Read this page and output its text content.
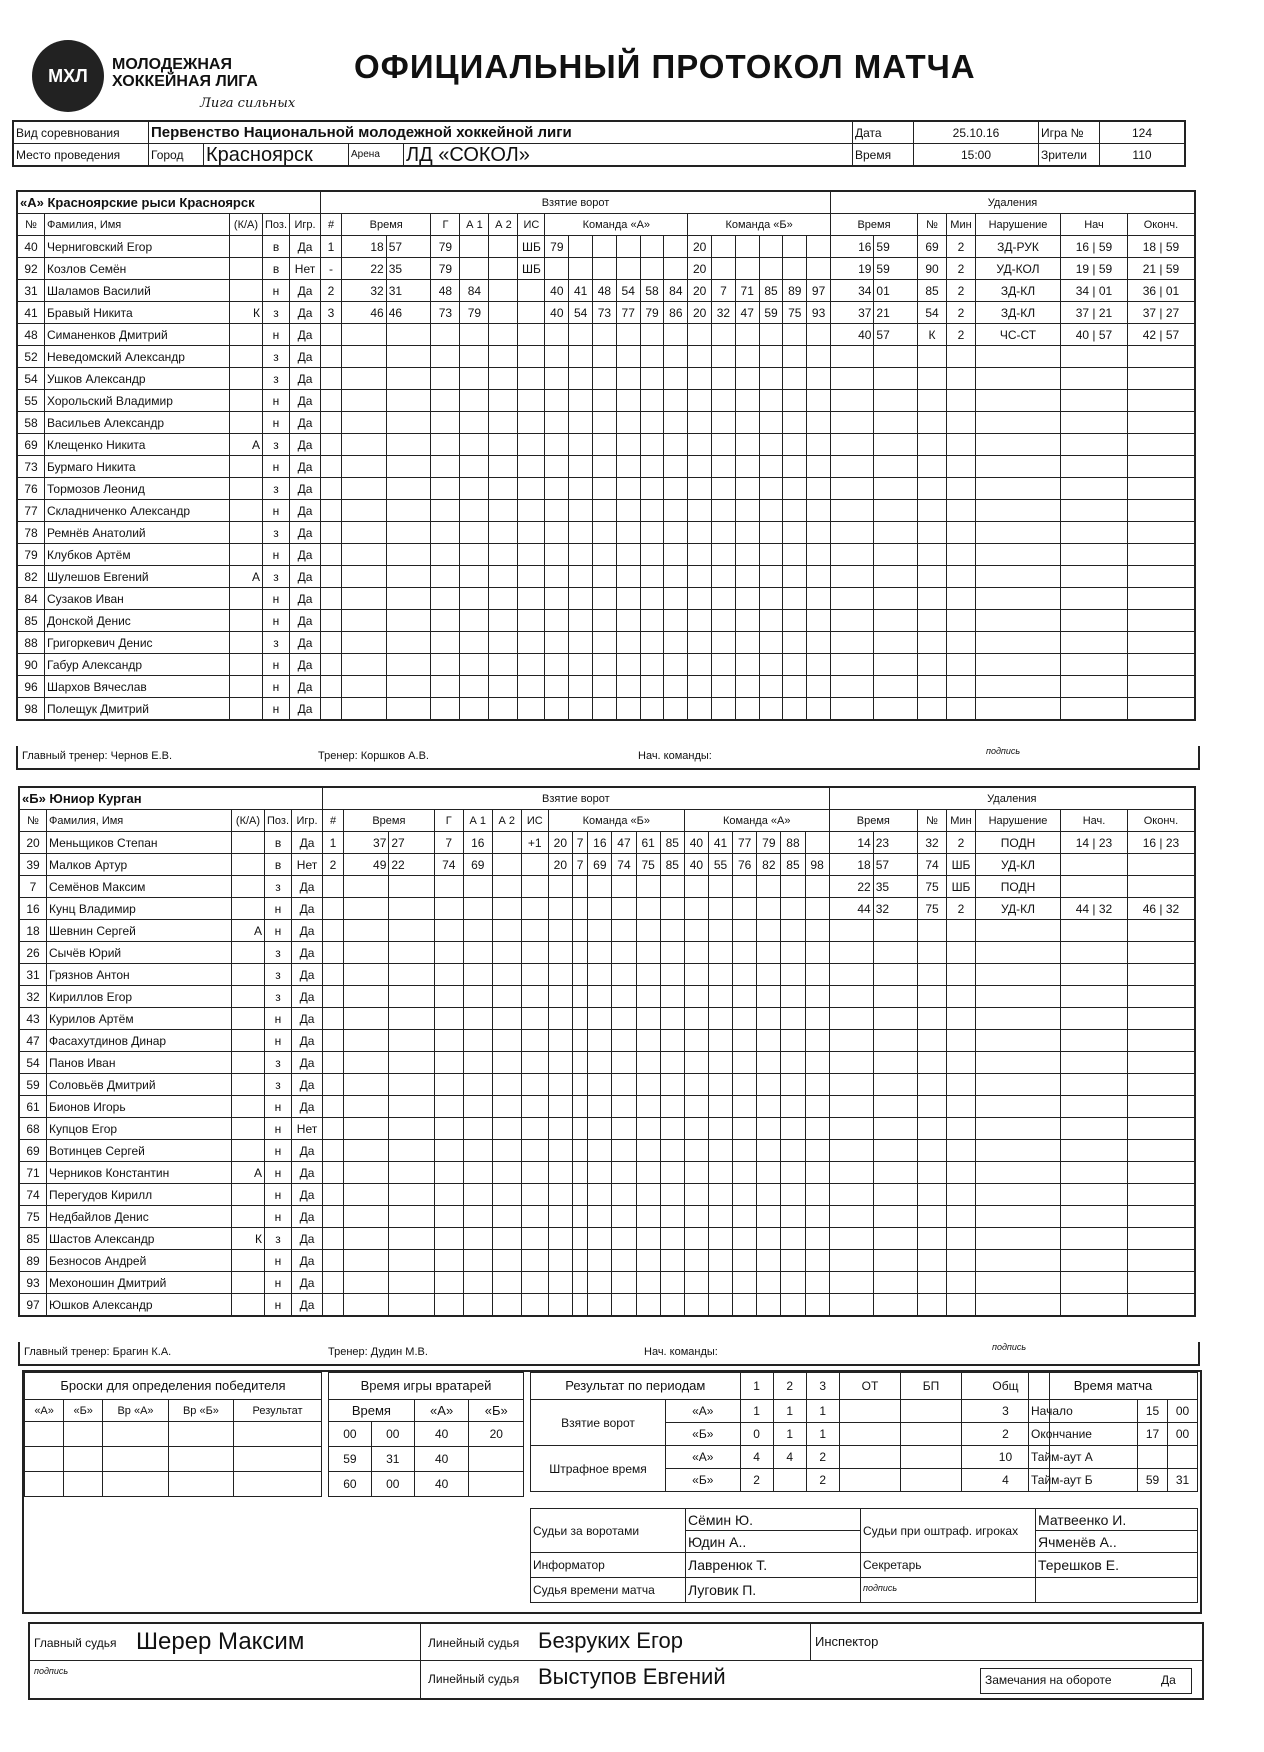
МХЛ
МОЛОДЕЖНАЯ
ХОККЕЙНАЯ ЛИГА
Лига сильных
ОФИЦИАЛЬНЫЙ ПРОТОКОЛ МАТЧА
Вид соревнования	Первенство Национальной молодежной хоккейной лиги				Дата	25.10.16	Игра №	124
Место проведения	Город	Красноярск	Арена	ЛД «СОКОЛ»	Время	15:00	Зрители	110
«А» Красноярские рыси Красноярск					Взятие ворот																			Удаления						
№	Фамилия, Имя	(К/А)	Поз.	Игр.	#	Время		Г	А 1	А 2	ИС	Команда «А»						Команда «Б»						Время		№	Мин	Нарушение	Нач	Оконч.
40	Черниговский Егор		в	Да	1	18	57	79			ШБ	79						20						16	59	69	2	ЗД-РУК	16 | 59	18 | 59
92	Козлов Семён		в	Нет	-	22	35	79			ШБ							20						19	59	90	2	УД-КОЛ	19 | 59	21 | 59
31	Шаламов Василий		н	Да	2	32	31	48	84			40	41	48	54	58	84	20	7	71	85	89	97	34	01	85	2	ЗД-КЛ	34 | 01	36 | 01
41	Бравый Никита	К	з	Да	3	46	46	73	79			40	54	73	77	79	86	20	32	47	59	75	93	37	21	54	2	ЗД-КЛ	37 | 21	37 | 27
48	Симаненков Дмитрий		н	Да																				40	57	К	2	ЧС-СТ	40 | 57	42 | 57
52	Неведомский Александр		з	Да																										
54	Ушков Александр		з	Да																										
55	Хорольский Владимир		н	Да																										
58	Васильев Александр		н	Да																										
69	Клещенко Никита	А	з	Да																										
73	Бурмаго Никита		н	Да																										
76	Тормозов Леонид		з	Да																										
77	Складниченко Александр		н	Да																										
78	Ремнёв Анатолий		з	Да																										
79	Клубков Артём		н	Да																										
82	Шулешов Евгений	А	з	Да																										
84	Сузаков Иван		н	Да																										
85	Донской Денис		н	Да																										
88	Григоркевич Денис		з	Да																										
90	Габур Александр		н	Да																										
96	Шархов Вячеслав		н	Да																										
98	Полещук Дмитрий		н	Да																										
Главный тренер: Чернов Е.В.	Тренер: Коршков А.В.	Нач. команды:	подпись
«Б» Юниор Курган					Взятие ворот																			Удаления						
№	Фамилия, Имя	(К/А)	Поз.	Игр.	#	Время		Г	А 1	А 2	ИС	Команда «Б»						Команда «А»						Время		№	Мин	Нарушение	Нач.	Оконч.
20	Меньщиков Степан		в	Да	1	37	27	7	16		+1	20	7	16	47	61	85	40	41	77	79	88		14	23	32	2	ПОДН	14 | 23	16 | 23
39	Малков Артур		в	Нет	2	49	22	74	69			20	7	69	74	75	85	40	55	76	82	85	98	18	57	74	ШБ	УД-КЛ		
7	Семёнов Максим		з	Да																				22	35	75	ШБ	ПОДН		
16	Кунц Владимир		н	Да																				44	32	75	2	УД-КЛ	44 | 32	46 | 32
18	Шевнин Сергей	А	н	Да																										
26	Сычёв Юрий		з	Да																										
31	Грязнов Антон		з	Да																										
32	Кириллов Егор		з	Да																										
43	Курилов Артём		н	Да																										
47	Фасахутдинов Динар		н	Да																										
54	Панов Иван		з	Да																										
59	Соловьёв Дмитрий		з	Да																										
61	Бионов Игорь		н	Да																										
68	Купцов Егор		н	Нет																										
69	Вотинцев Сергей		н	Да																										
71	Черников Константин	А	н	Да																										
74	Перегудов Кирилл		н	Да																										
75	Недбайлов Денис		н	Да																										
85	Шастов Александр	К	з	Да																										
89	Безносов Андрей		н	Да																										
93	Мехоношин Дмитрий		н	Да																										
97	Юшков Александр		н	Да																										
Главный тренер: Брагин К.А.	Тренер: Дудин М.В.	Нач. команды:	подпись
Броски для определения победителя				
«А»	«Б»	Вр «А»	Вр «Б»	Результат

Время игры вратарей			
Время		«А»	«Б»
00	00	40	20
59	31	40	
60	00	40	
Результат по периодам		1	2	3	ОТ	БП	Общ
Взятие ворот	«А»	1	1	1			3
	«Б»	0	1	1			2
Штрафное время	«А»	4	4	2			10
	«Б»	2		2			4
Время матча		
Начало	15	00
Окончание	17	00
Тайм-аут А		
Тайм-аут Б	59	31
Судьи за воротами	Сёмин Ю.	Судьи при оштраф. игроках	Матвеенко И.
	Юдин А..		Ячменёв А..
Информатор	Лавренюк Т.	Секретарь	Терешков Е.
Судья времени матча	Луговик П.	подпись	
Главный судья Шерер Максим
подпись
Линейный судья Безруких Егор
Линейный судья Выступов Евгений
Инспектор
Замечания на обороте	Да
